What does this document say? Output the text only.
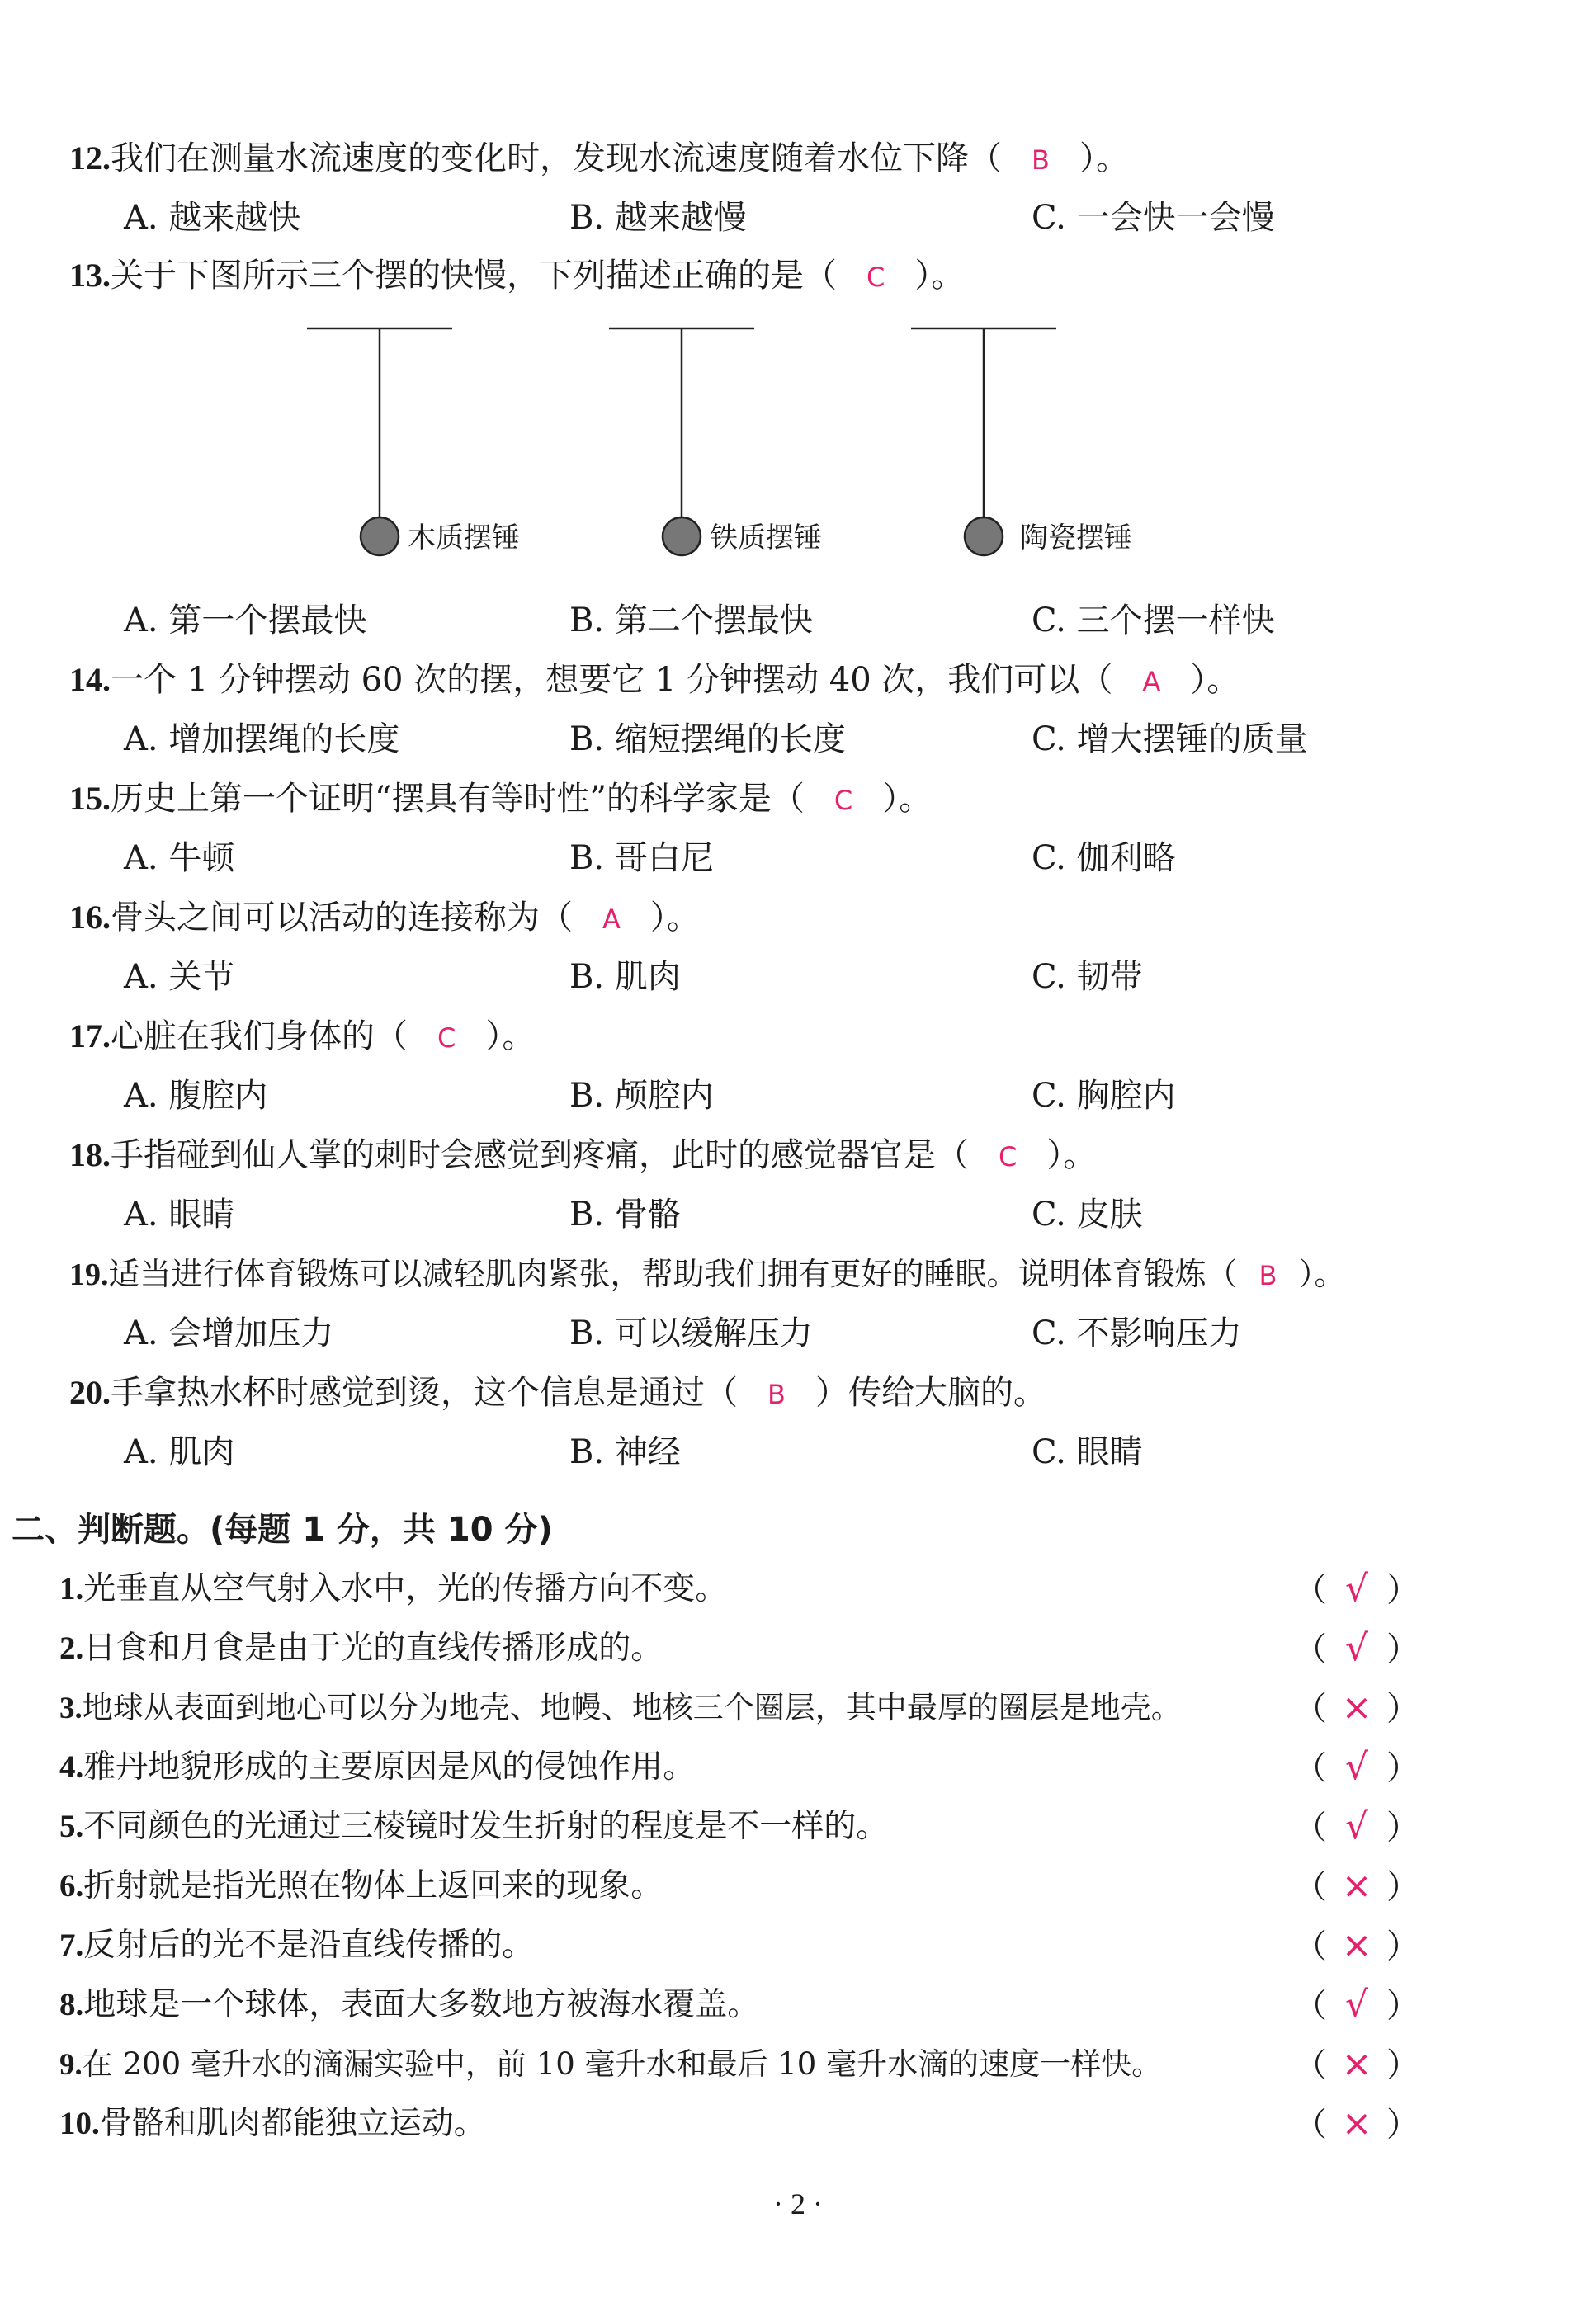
12.我们在测量水流速度的变化时，发现水流速度随着水位下降（ B ）。
A. 越来越快	B. 越来越慢	C. 一会快一会慢
13.关于下图所示三个摆的快慢，下列描述正确的是（ C ）。
木质摆锤	铁质摆锤	陶瓷摆锤
A. 第一个摆最快	B. 第二个摆最快	C. 三个摆一样快
14.一个 1 分钟摆动 60 次的摆，想要它 1 分钟摆动 40 次，我们可以（ A ）。
A. 增加摆绳的长度	B. 缩短摆绳的长度	C. 增大摆锤的质量
15.历史上第一个证明“摆具有等时性”的科学家是（ C ）。
A. 牛顿	B. 哥白尼	C. 伽利略
16.骨头之间可以活动的连接称为（ A ）。
A. 关节	B. 肌肉	C. 韧带
17.心脏在我们身体的（ C ）。
A. 腹腔内	B. 颅腔内	C. 胸腔内
18.手指碰到仙人掌的刺时会感觉到疼痛，此时的感觉器官是（ C ）。
A. 眼睛	B. 骨骼	C. 皮肤
19.适当进行体育锻炼可以减轻肌肉紧张，帮助我们拥有更好的睡眠。说明体育锻炼（ B ）。
A. 会增加压力	B. 可以缓解压力	C. 不影响压力
20.手拿热水杯时感觉到烫，这个信息是通过（ B ）传给大脑的。
A. 肌肉	B. 神经	C. 眼睛
二、判断题。(每题 1 分，共 10 分)
1.光垂直从空气射入水中，光的传播方向不变。	（ √ ）
2.日食和月食是由于光的直线传播形成的。	（ √ ）
3.地球从表面到地心可以分为地壳、地幔、地核三个圈层，其中最厚的圈层是地壳。	（ × ）
4.雅丹地貌形成的主要原因是风的侵蚀作用。	（ √ ）
5.不同颜色的光通过三棱镜时发生折射的程度是不一样的。	（ √ ）
6.折射就是指光照在物体上返回来的现象。	（ × ）
7.反射后的光不是沿直线传播的。	（ × ）
8.地球是一个球体，表面大多数地方被海水覆盖。	（ √ ）
9.在 200 毫升水的滴漏实验中，前 10 毫升水和最后 10 毫升水滴的速度一样快。	（ × ）
10.骨骼和肌肉都能独立运动。	（ × ）
· 2 ·
